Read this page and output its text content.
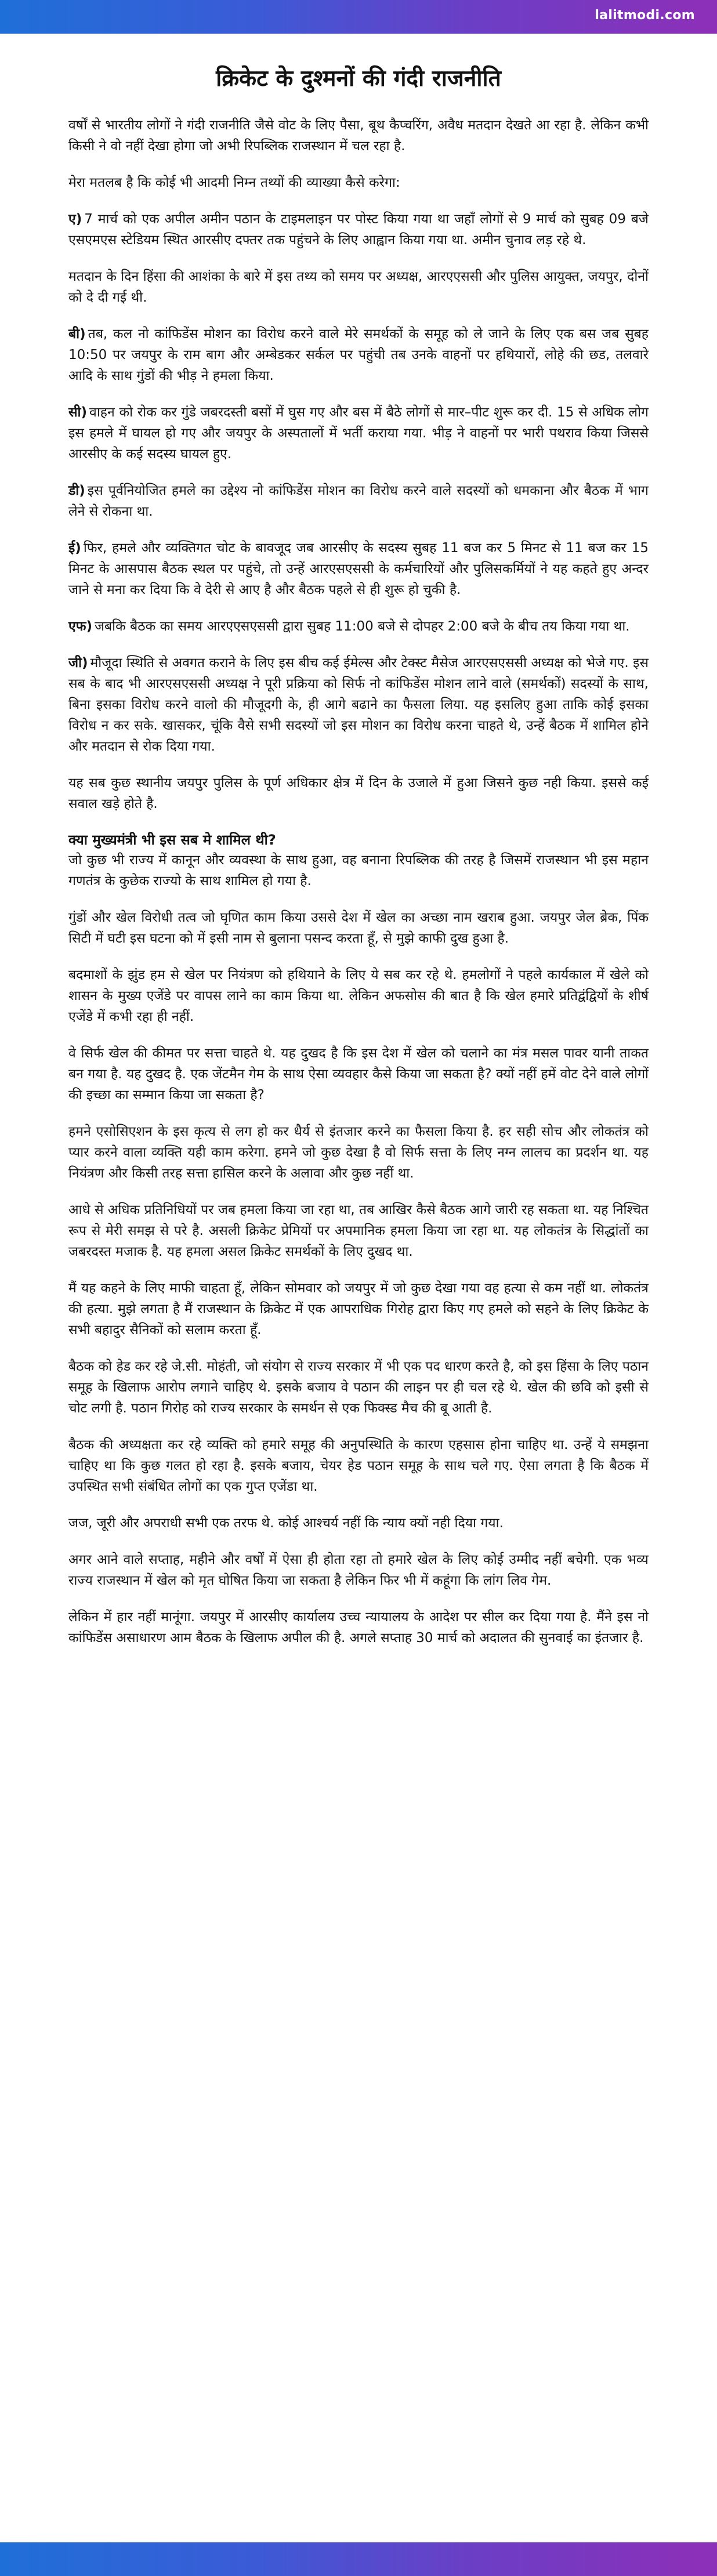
lalitmodi.com
क्रिकेट के दुश्मनों की गंदी राजनीति

वर्षों से भारतीय लोगों ने गंदी राजनीति जैसे वोट के लिए पैसा, बूथ कैप्चरिंग, अवैध मतदान देखते आ रहा है. लेकिन कभी किसी ने वो नहीं देखा होगा जो अभी रिपब्लिक राजस्थान में चल रहा है.

मेरा मतलब है कि कोई भी आदमी निम्न तथ्यों की व्याख्या कैसे करेगा:

ए) 7 मार्च को एक अपील अमीन पठान के टाइमलाइन पर पोस्ट किया गया था जहाँ लोगों से 9 मार्च को सुबह 09 बजे एसएमएस स्टेडियम स्थित आरसीए दफ्तर तक पहुंचने के लिए आह्वान किया गया था. अमीन चुनाव लड़ रहे थे.

मतदान के दिन हिंसा की आशंका के बारे में इस तथ्य को समय पर अध्यक्ष, आरएएससी और पुलिस आयुक्त, जयपुर, दोनों को दे दी गई थी.

बी) तब, कल नो कांफिडेंस मोशन का विरोध करने वाले मेरे समर्थकों के समूह को ले जाने के लिए एक बस जब सुबह 10:50 पर जयपुर के राम बाग और अम्बेडकर सर्कल पर पहुंची तब उनके वाहनों पर हथियारों, लोहे की छड, तलवारे आदि के साथ गुंडों की भीड़ ने हमला किया.

सी) वाहन को रोक कर गुंडे जबरदस्ती बसों में घुस गए और बस में बैठे लोगों से मार–पीट शुरू कर दी. 15 से अधिक लोग इस हमले में घायल हो गए और जयपुर के अस्पतालों में भर्ती कराया गया. भीड़ ने वाहनों पर भारी पथराव किया जिससे आरसीए के कई सदस्य घायल हुए.

डी) इस पूर्वनियोजित हमले का उद्देश्य नो कांफिडेंस मोशन का विरोध करने वाले सदस्यों को धमकाना और बैठक में भाग लेने से रोकना था.

ई) फिर, हमले और व्यक्तिगत चोट के बावजूद जब आरसीए के सदस्य सुबह 11 बज कर 5 मिनट से 11 बज कर 15 मिनट के आसपास बैठक स्थल पर पहुंचे, तो उन्हें आरएसएससी के कर्मचारियों और पुलिसकर्मियों ने यह कहते हुए अन्दर जाने से मना कर दिया कि वे देरी से आए है और बैठक पहले से ही शुरू हो चुकी है.

एफ) जबकि बैठक का समय आरएएसएससी द्वारा सुबह 11:00 बजे से दोपहर 2:00 बजे के बीच तय किया गया था.

जी) मौजूदा स्थिति से अवगत कराने के लिए इस बीच कई ईमेल्स और टेक्स्ट मैसेज आरएसएससी अध्यक्ष को भेजे गए. इस सब के बाद भी आरएसएससी अध्यक्ष ने पूरी प्रक्रिया को सिर्फ नो कांफिडेंस मोशन लाने वाले (समर्थकों) सदस्यों के साथ, बिना इसका विरोध करने वालो की मौजूदगी के, ही आगे बढाने का फैसला लिया. यह इसलिए हुआ ताकि कोई इसका विरोध न कर सके. खासकर, चूंकि वैसे सभी सदस्यों जो इस मोशन का विरोध करना चाहते थे, उन्हें बैठक में शामिल होने और मतदान से रोक दिया गया.

यह सब कुछ स्थानीय जयपुर पुलिस के पूर्ण अधिकार क्षेत्र में दिन के उजाले में हुआ जिसने कुछ नही किया. इससे कई सवाल खड़े होते है.

क्या मुख्यमंत्री भी इस सब मे शामिल थी?

जो कुछ भी राज्य में कानून और व्यवस्था के साथ हुआ, वह बनाना रिपब्लिक की तरह है जिसमें राजस्थान भी इस महान गणतंत्र के कुछेक राज्यो के साथ शामिल हो गया है.

गुंडों और खेल विरोधी तत्व जो घृणित काम किया उससे देश में खेल का अच्छा नाम खराब हुआ. जयपुर जेल ब्रेक, पिंक सिटी में घटी इस घटना को में इसी नाम से बुलाना पसन्द करता हूँ, से मुझे काफी दुख हुआ है.

बदमाशों के झुंड हम से खेल पर नियंत्रण को हथियाने के लिए ये सब कर रहे थे. हमलोगों ने पहले कार्यकाल में खेले को शासन के मुख्य एजेंडे पर वापस लाने का काम किया था. लेकिन अफसोस की बात है कि खेल हमारे प्रतिद्वंद्वियों के शीर्ष एजेंडे में कभी रहा ही नहीं.

वे सिर्फ खेल की कीमत पर सत्ता चाहते थे. यह दुखद है कि इस देश में खेल को चलाने का मंत्र मसल पावर यानी ताकत बन गया है. यह दुखद है. एक जेंटमैन गेम के साथ ऐसा व्यवहार कैसे किया जा सकता है? क्यों नहीं हमें वोट देने वाले लोगों की इच्छा का सम्मान किया जा सकता है?

हमने एसोसिएशन के इस कृत्य से लग हो कर धैर्य से इंतजार करने का फैसला किया है. हर सही सोच और लोकतंत्र को प्यार करने वाला व्यक्ति यही काम करेगा. हमने जो कुछ देखा है वो सिर्फ सत्ता के लिए नग्न लालच का प्रदर्शन था. यह नियंत्रण और किसी तरह सत्ता हासिल करने के अलावा और कुछ नहीं था.

आधे से अधिक प्रतिनिधियों पर जब हमला किया जा रहा था, तब आखिर कैसे बैठक आगे जारी रह सकता था. यह निश्चित रूप से मेरी समझ से परे है. असली क्रिकेट प्रेमियों पर अपमानिक हमला किया जा रहा था. यह लोकतंत्र के सिद्धांतों का जबरदस्त मजाक है. यह हमला असल क्रिकेट समर्थकों के लिए दुखद था.

मैं यह कहने के लिए माफी चाहता हूँ, लेकिन सोमवार को जयपुर में जो कुछ देखा गया वह हत्या से कम नहीं था. लोकतंत्र की हत्या. मुझे लगता है मैं राजस्थान के क्रिकेट में एक आपराधिक गिरोह द्वारा किए गए हमले को सहने के लिए क्रिकेट के सभी बहादुर सैनिकों को सलाम करता हूँ.

बैठक को हेड कर रहे जे.सी. मोहंती, जो संयोग से राज्य सरकार में भी एक पद धारण करते है, को इस हिंसा के लिए पठान समूह के खिलाफ आरोप लगाने चाहिए थे. इसके बजाय वे पठान की लाइन पर ही चल रहे थे. खेल की छवि को इसी से चोट लगी है. पठान गिरोह को राज्य सरकार के समर्थन से एक फिक्स्ड मैच की बू आती है.

बैठक की अध्यक्षता कर रहे व्यक्ति को हमारे समूह की अनुपस्थिति के कारण एहसास होना चाहिए था. उन्हें ये समझना चाहिए था कि कुछ गलत हो रहा है. इसके बजाय, चेयर हेड पठान समूह के साथ चले गए. ऐसा लगता है कि बैठक में उपस्थित सभी संबंधित लोगों का एक गुप्त एजेंडा था.

जज, जूरी और अपराधी सभी एक तरफ थे. कोई आश्चर्य नहीं कि न्याय क्यों नही दिया गया.

अगर आने वाले सप्ताह, महीने और वर्षों में ऐसा ही होता रहा तो हमारे खेल के लिए कोई उम्मीद नहीं बचेगी. एक भव्य राज्य राजस्थान में खेल को मृत घोषित किया जा सकता है लेकिन फिर भी में कहूंगा कि लांग लिव गेम.

लेकिन में हार नहीं मानूंगा. जयपुर में आरसीए कार्यालय उच्च न्यायालय के आदेश पर सील कर दिया गया है. मैंने इस नो कांफिडेंस असाधारण आम बैठक के खिलाफ अपील की है. अगले सप्ताह 30 मार्च को अदालत की सुनवाई का इंतजार है.
